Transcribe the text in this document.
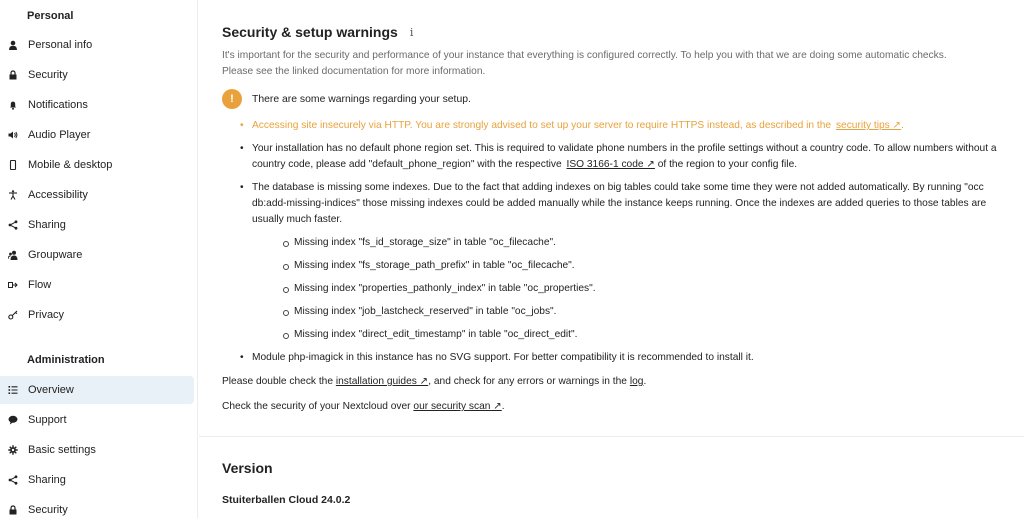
Personal
Personal info
Security
Notifications
Audio Player
Mobile & desktop
Accessibility
Sharing
Groupware
Flow
Privacy
Administration
Overview
Support
Basic settings
Sharing
Security
Security & setup warnings i
It's important for the security and performance of your instance that everything is configured correctly. To help you with that we are doing some automatic checks.
Please see the linked documentation for more information.
!	There are some warnings regarding your setup.
• Accessing site insecurely via HTTP. You are strongly advised to set up your server to require HTTPS instead, as described in the security tips ↗.
• Your installation has no default phone region set. This is required to validate phone numbers in the profile settings without a country code. To allow numbers without a country code, please add "default_phone_region" with the respective ISO 3166-1 code ↗ of the region to your config file.
• The database is missing some indexes. Due to the fact that adding indexes on big tables could take some time they were not added automatically. By running "occ db:add-missing-indices" those missing indexes could be added manually while the instance keeps running. Once the indexes are added queries to those tables are usually much faster.
Missing index "fs_id_storage_size" in table "oc_filecache".
Missing index "fs_storage_path_prefix" in table "oc_filecache".
Missing index "properties_pathonly_index" in table "oc_properties".
Missing index "job_lastcheck_reserved" in table "oc_jobs".
Missing index "direct_edit_timestamp" in table "oc_direct_edit".
• Module php-imagick in this instance has no SVG support. For better compatibility it is recommended to install it.
Please double check the installation guides ↗, and check for any errors or warnings in the log.
Check the security of your Nextcloud over our security scan ↗.
Version
Stuiterballen Cloud 24.0.2
